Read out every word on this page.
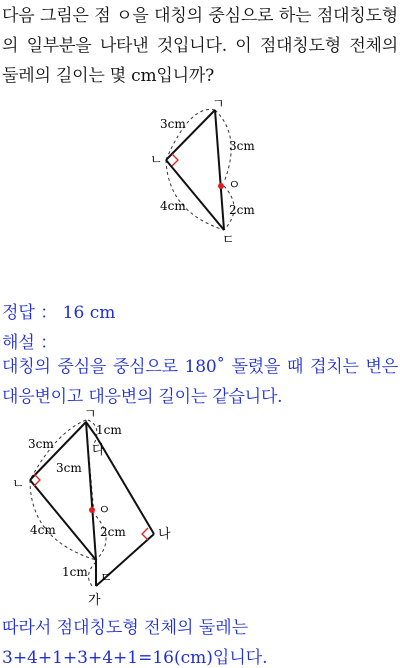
다음 그림은 점 ㅇ을 대칭의 중심으로 하는 점대칭도형의 일부분을 나타낸 것입니다. 이 점대칭도형 전체의 둘레의 길이는 몇 cm입니까?

ㄱ
ㄴ
ㄷ
ㅇ
3cm
3cm
4cm	2cm
정답 ： 16 cm
해설 ：

대칭의 중심을 중심으로 180˚ 돌렸을 때 겹치는 변은 대응변이고 대응변의 길이는 같습니다.

ㄱ
ㄴ
ㄷ
ㅇ
다
나
가
3cm
3cm
1cm
4cm	2cm
1cm
따라서 점대칭도형 전체의 둘레는
3+4+1+3+4+1=16(cm)입니다.
